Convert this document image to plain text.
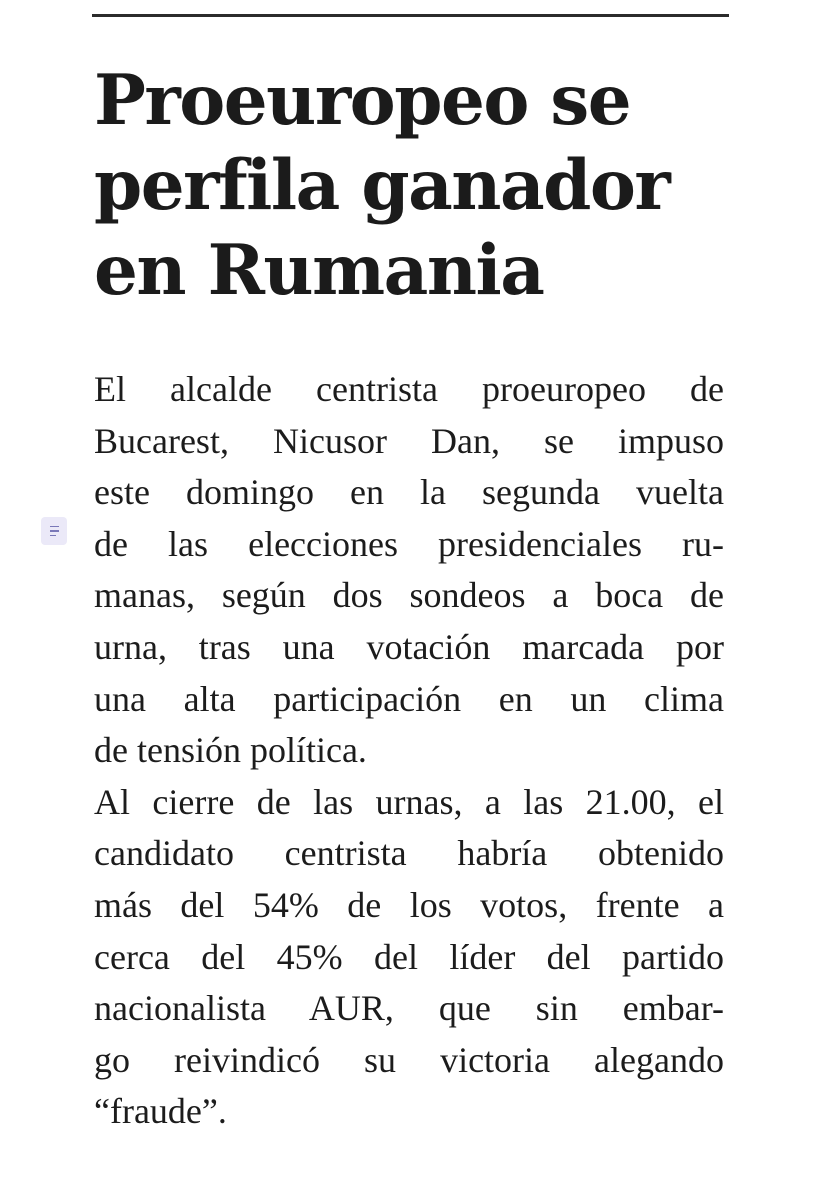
Proeuropeo se
perfila ganador
en Rumania
El alcalde centrista proeuropeo de
Bucarest, Nicusor Dan, se impuso
este domingo en la segunda vuelta
de las elecciones presidenciales ru-
manas, según dos sondeos a boca de
urna, tras una votación marcada por
una alta participación en un clima
de tensión política.
Al cierre de las urnas, a las 21.00, el
candidato centrista habría obtenido
más del 54% de los votos, frente a
cerca del 45% del líder del partido
nacionalista AUR, que sin embar-
go reivindicó su victoria alegando
“fraude”.
